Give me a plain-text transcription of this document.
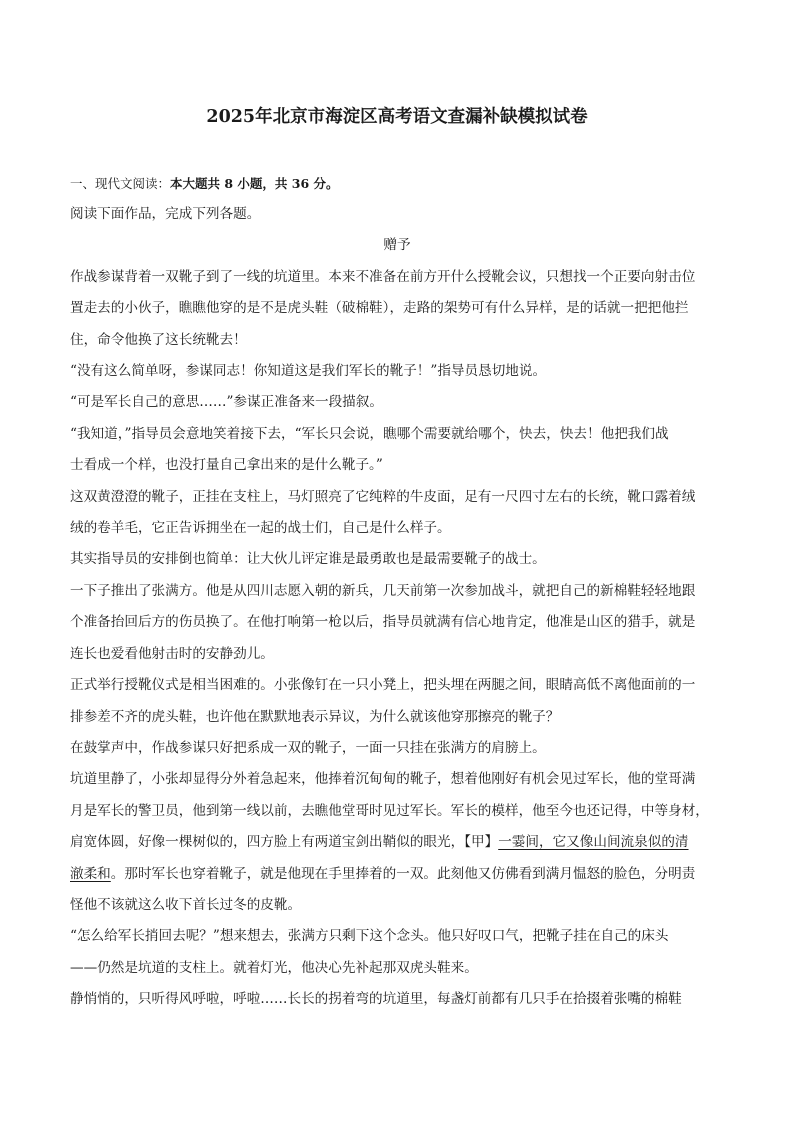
2025年北京市海淀区高考语文查漏补缺模拟试卷
一、现代文阅读：本大题共 8 小题，共 36 分。

阅读下面作品，完成下列各题。

赠予

作战参谋背着一双靴子到了一线的坑道里。本来不准备在前方开什么授靴会议，只想找一个正要向射击位

置走去的小伙子，瞧瞧他穿的是不是虎头鞋（破棉鞋），走路的架势可有什么异样，是的话就一把把他拦

住，命令他换了这长统靴去！

“没有这么简单呀，参谋同志！你知道这是我们军长的靴子！”指导员恳切地说。

“可是军长自己的意思……”参谋正准备来一段描叙。

“我知道，”指导员会意地笑着接下去，“军长只会说，瞧哪个需要就给哪个，快去，快去！他把我们战

士看成一个样，也没打量自己拿出来的是什么靴子。”

这双黄澄澄的靴子，正挂在支柱上，马灯照亮了它纯粹的牛皮面，足有一尺四寸左右的长统，靴口露着绒

绒的卷羊毛，它正告诉拥坐在一起的战士们，自己是什么样子。

其实指导员的安排倒也简单：让大伙儿评定谁是最勇敢也是最需要靴子的战士。

一下子推出了张满方。他是从四川志愿入朝的新兵，几天前第一次参加战斗，就把自己的新棉鞋轻轻地跟

个准备抬回后方的伤员换了。在他打响第一枪以后，指导员就满有信心地肯定，他准是山区的猎手，就是

连长也爱看他射击时的安静劲儿。

正式举行授靴仪式是相当困难的。小张像钉在一只小凳上，把头埋在两腿之间，眼睛高低不离他面前的一

排参差不齐的虎头鞋，也许他在默默地表示异议，为什么就该他穿那擦亮的靴子？

在鼓掌声中，作战参谋只好把系成一双的靴子，一面一只挂在张满方的肩膀上。

坑道里静了，小张却显得分外着急起来，他捧着沉甸甸的靴子，想着他刚好有机会见过军长，他的堂哥满

月是军长的警卫员，他到第一线以前，去瞧他堂哥时见过军长。军长的模样，他至今也还记得，中等身材，

肩宽体圆，好像一棵树似的，四方脸上有两道宝剑出鞘似的眼光，【甲】一霎间，它又像山间流泉似的清

澈柔和。那时军长也穿着靴子，就是他现在手里捧着的一双。此刻他又仿佛看到满月愠怒的脸色，分明责

怪他不该就这么收下首长过冬的皮靴。

“怎么给军长捎回去呢？”想来想去，张满方只剩下这个念头。他只好叹口气，把靴子挂在自己的床头

——仍然是坑道的支柱上。就着灯光，他决心先补起那双虎头鞋来。

静悄悄的，只听得风呼啦，呼啦……长长的拐着弯的坑道里，每盏灯前都有几只手在拾掇着张嘴的棉鞋
